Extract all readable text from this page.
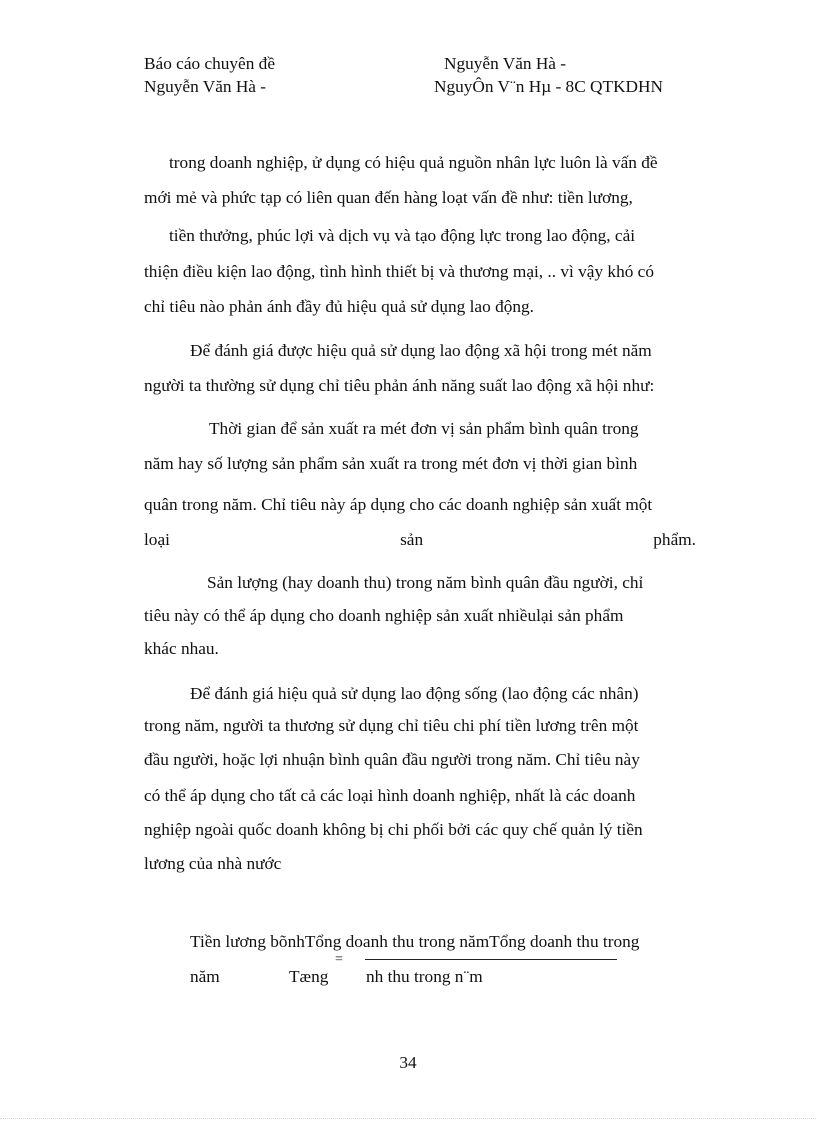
Báo cáo chuyên đề	Nguyễn Văn Hà -
Nguyễn Văn Hà -	NguyÔn V¨n Hµ - 8C QTKDHN
trong doanh nghiệp, ử dụng có hiệu quả nguồn nhân lực luôn là vấn đề
mới mẻ và phức tạp có liên quan đến hàng loạt vấn đề như: tiền lương,
tiền thưởng, phúc lợi và dịch vụ và tạo động lực trong lao động, cải
thiện điều kiện lao động, tình hình thiết bị và thương mại, .. vì vậy khó có
chỉ tiêu nào phản ánh đầy đủ hiệu quả sử dụng lao động.
Để đánh giá được hiệu quả sử dụng lao động xã hội trong mét năm
người ta thường sử dụng chỉ tiêu phản ánh năng suất lao động xã hội như:
Thời gian để sản xuất ra mét đơn vị sản phẩm bình quân trong
năm hay số lượng sản phẩm sản xuất ra trong mét đơn vị thời gian bình
quân trong năm. Chỉ tiêu này áp dụng cho các doanh nghiệp sản xuất một
loại	sản	phẩm.
Sản lượng (hay doanh thu) trong năm bình quân đầu người, chỉ
tiêu này có thể áp dụng cho doanh nghiệp sản xuất nhiềulại sản phẩm
khác nhau.
Để đánh giá hiệu quả sử dụng lao động sống (lao động các nhân)
trong năm, người ta thương sử dụng chỉ tiêu chi phí tiền lương trên một
đầu người, hoặc lợi nhuận bình quân đầu người trong năm. Chỉ tiêu này
có thể áp dụng cho tất cả các loại hình doanh nghiệp, nhất là các doanh
nghiệp ngoài quốc doanh không bị chi phối bởi các quy chế quản lý tiền
lương của nhà nước
Tiền lương bõnhTổng doanh thu trong nămTổng doanh thu trong
=
năm	Tæng nh thu trong n¨m
34
